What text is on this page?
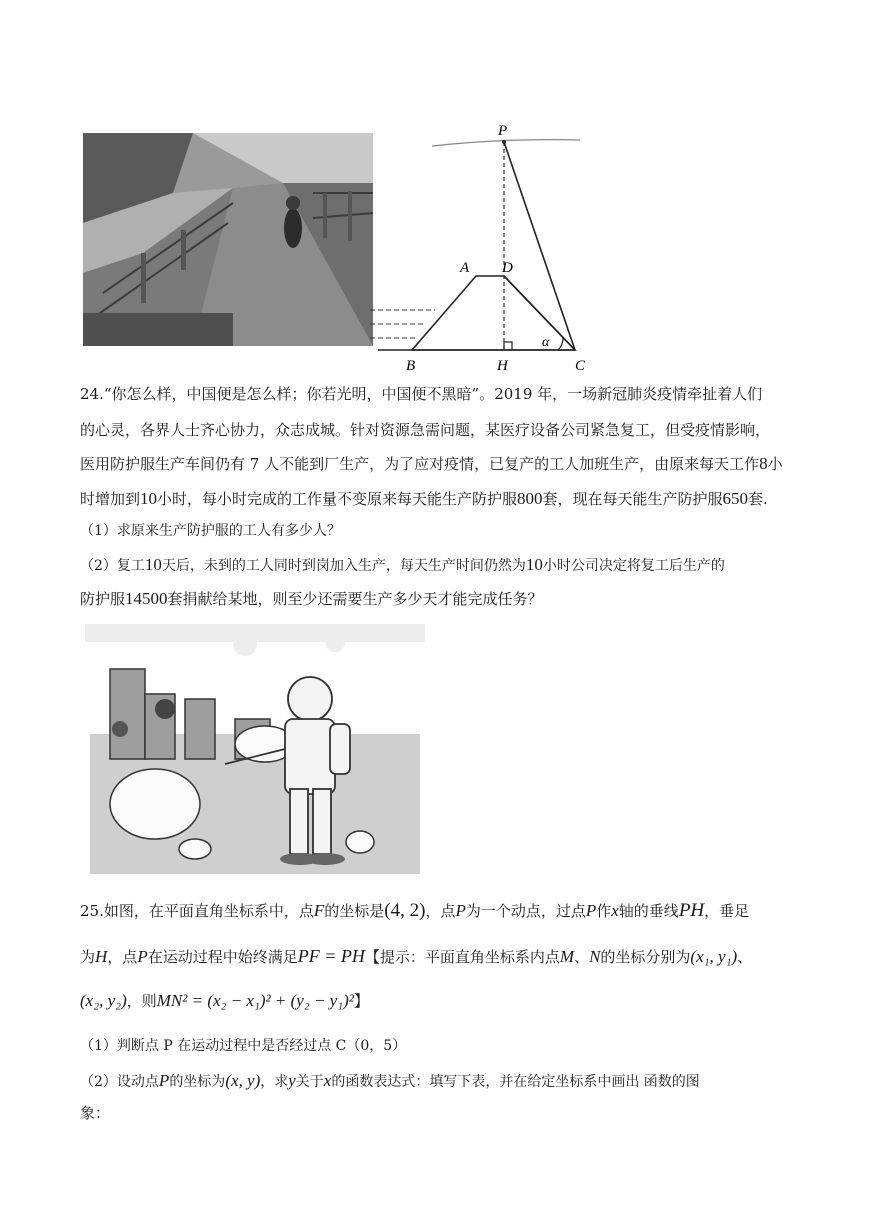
P
A D
B	H	C
α
24.“你怎么样，中国便是怎么样；你若光明，中国便不黑暗”。2019 年，一场新冠肺炎疫情牵扯着人们
的心灵，各界人士齐心协力，众志成城。针对资源急需问题，某医疗设备公司紧急复工，但受疫情影响，
医用防护服生产车间仍有 7 人不能到厂生产，为了应对疫情，已复产的工人加班生产，由原来每天工作8小
时增加到10小时，每小时完成的工作量不变原来每天能生产防护服800套，现在每天能生产防护服650套.
（1）求原来生产防护服的工人有多少人？
（2）复工10天后，未到的工人同时到岗加入生产，每天生产时间仍然为10小时公司决定将复工后生产的
防护服14500套捐献给某地，则至少还需要生产多少天才能完成任务？
25.如图，在平面直角坐标系中，点F的坐标是(4, 2)，点P为一个动点，过点P作x轴的垂线PH，垂足
为H，点P在运动过程中始终满足PF = PH【提示：平面直角坐标系内点M、N的坐标分别为(x₁, y₁)、
(x₂, y₂)，则MN² = (x₂ − x₁)² + (y₂ − y₁)²】
（1）判断点 P 在运动过程中是否经过点 C（0，5）
（2）设动点P的坐标为(x, y)，求y关于x的函数表达式：填写下表，并在给定坐标系中画出 函数的图
象：
